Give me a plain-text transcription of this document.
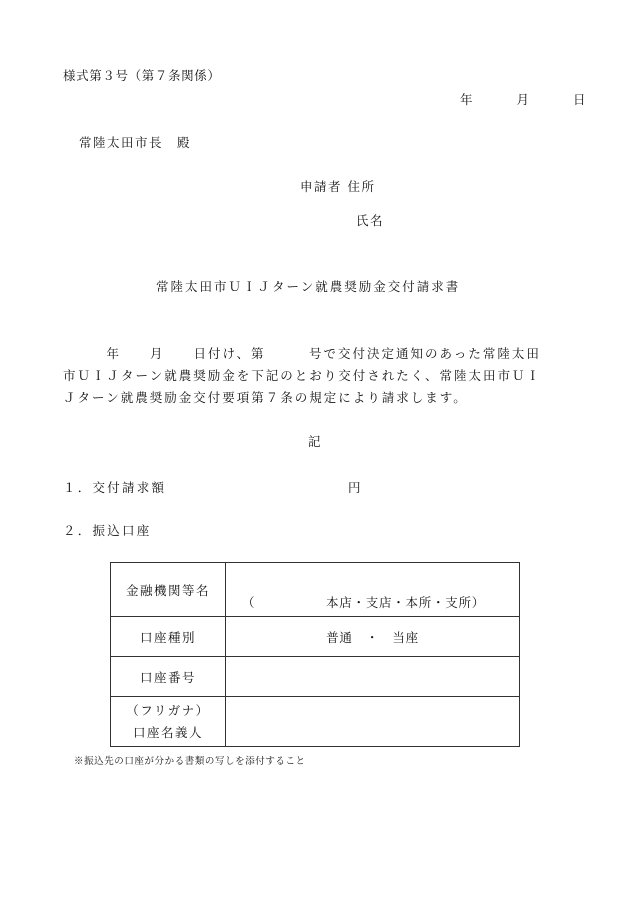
様式第３号（第７条関係）
年	月	日
常陸太田市長　殿
申請者 住所
氏名
常陸太田市ＵＩＪターン就農奨励金交付請求書
　　　年　　月　　日付け、第　　　号で交付決定通知のあった常陸太田
市ＵＩＪターン就農奨励金を下記のとおり交付されたく、常陸太田市ＵＩ
Ｊターン就農奨励金交付要項第７条の規定により請求します。
記
１．交付請求額	円
２．振込口座
金融機関等名	（ 本店・支店・本所・支所）

口座種別	普通　・　当座
口座番号	

（フリガナ）
口座名義人	

※振込先の口座が分かる書類の写しを添付すること
